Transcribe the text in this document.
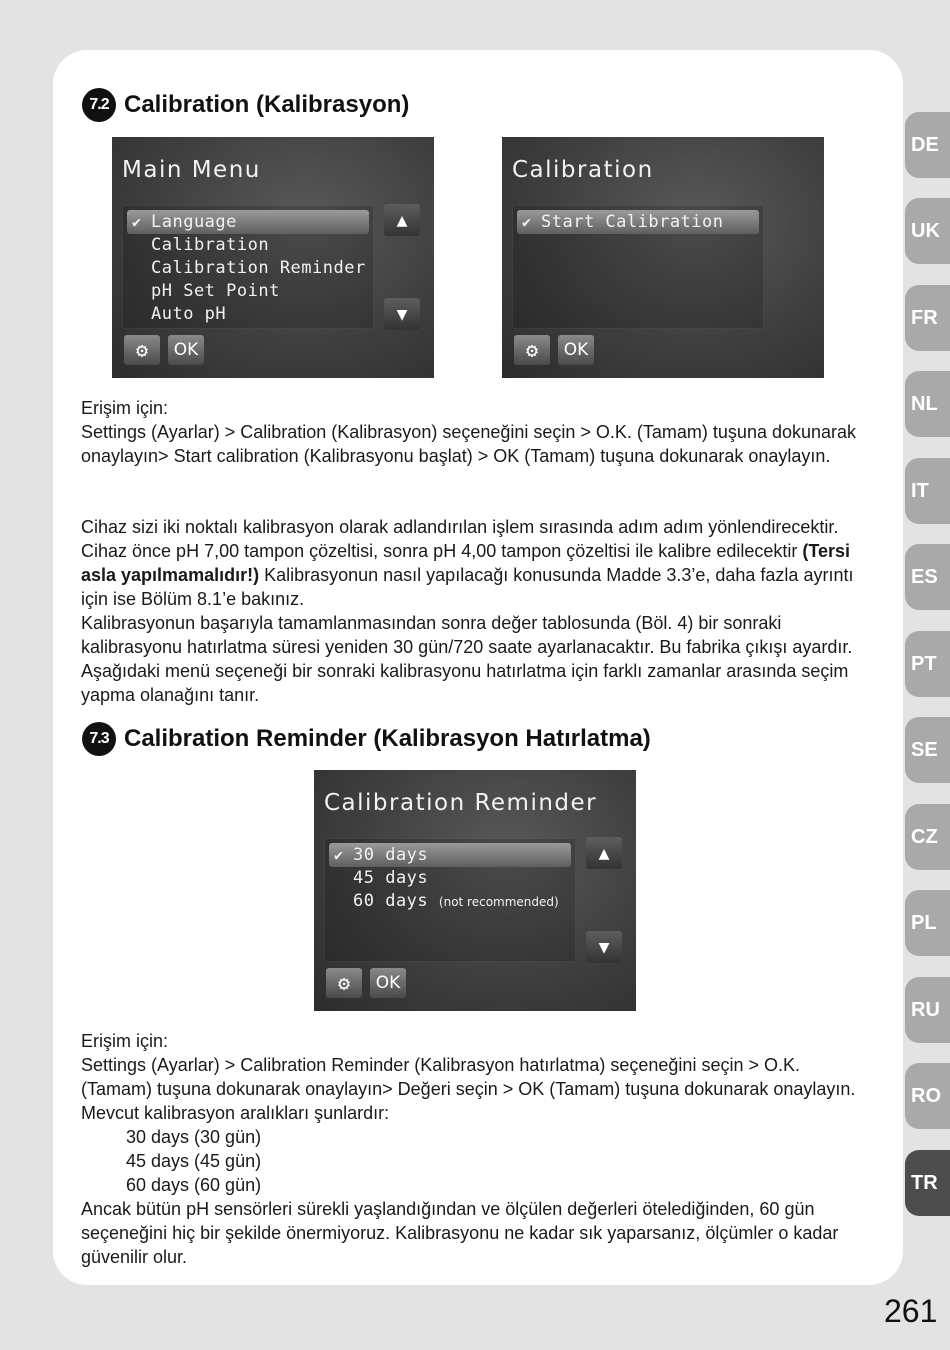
7.2 Calibration (Kalibrasyon)
Main Menu
✔ Language
Calibration
Calibration Reminder
pH Set Point
Auto pH
▲
▼
⚙	OK
Calibration
✔ Start Calibration
⚙	OK

Erişim için:

Settings (Ayarlar) > Calibration (Kalibrasyon) seçeneğini seçin > O.K. (Tamam) tuşuna dokunarak onaylayın> Start calibration (Kalibrasyonu başlat) > OK (Tamam) tuşuna dokunarak onaylayın.

Cihaz sizi iki noktalı kalibrasyon olarak adlandırılan işlem sırasında adım adım yönlendirecektir. Cihaz önce pH 7,00 tampon çözeltisi, sonra pH 4,00 tampon çözeltisi ile kalibre edilecektir (Tersi asla yapılmamalıdır!) Kalibrasyonun nasıl yapılacağı konusunda Madde 3.3’e, daha fazla ayrıntı için ise Bölüm 8.1’e bakınız.

Kalibrasyonun başarıyla tamamlanmasından sonra değer tablosunda (Böl. 4) bir sonraki kalibrasyonu hatırlatma süresi yeniden 30 gün/720 saate ayarlanacaktır. Bu fabrika çıkışı ayardır. Aşağıdaki menü seçeneği bir sonraki kalibrasyonu hatırlatma için farklı zamanlar arasında seçim yapma olanağını tanır.

7.3 Calibration Reminder (Kalibrasyon Hatırlatma)
Calibration Reminder
✔ 30 days
45 days
60 days (not recommended)
▲
▼
⚙	OK

Erişim için:

Settings (Ayarlar) > Calibration Reminder (Kalibrasyon hatırlatma) seçeneğini seçin > O.K. (Tamam) tuşuna dokunarak onaylayın> Değeri seçin > OK (Tamam) tuşuna dokunarak onaylayın.

Mevcut kalibrasyon aralıkları şunlardır:

30 days (30 gün)

45 days (45 gün)

60 days (60 gün)

Ancak bütün pH sensörleri sürekli yaşlandığından ve ölçülen değerleri ötelediğinden, 60 gün seçeneğini hiç bir şekilde önermiyoruz. Kalibrasyonu ne kadar sık yaparsanız, ölçümler o kadar güvenilir olur.

DE
UK
FR
NL
IT
ES
PT
SE
CZ
PL
RU
RO
TR
261
